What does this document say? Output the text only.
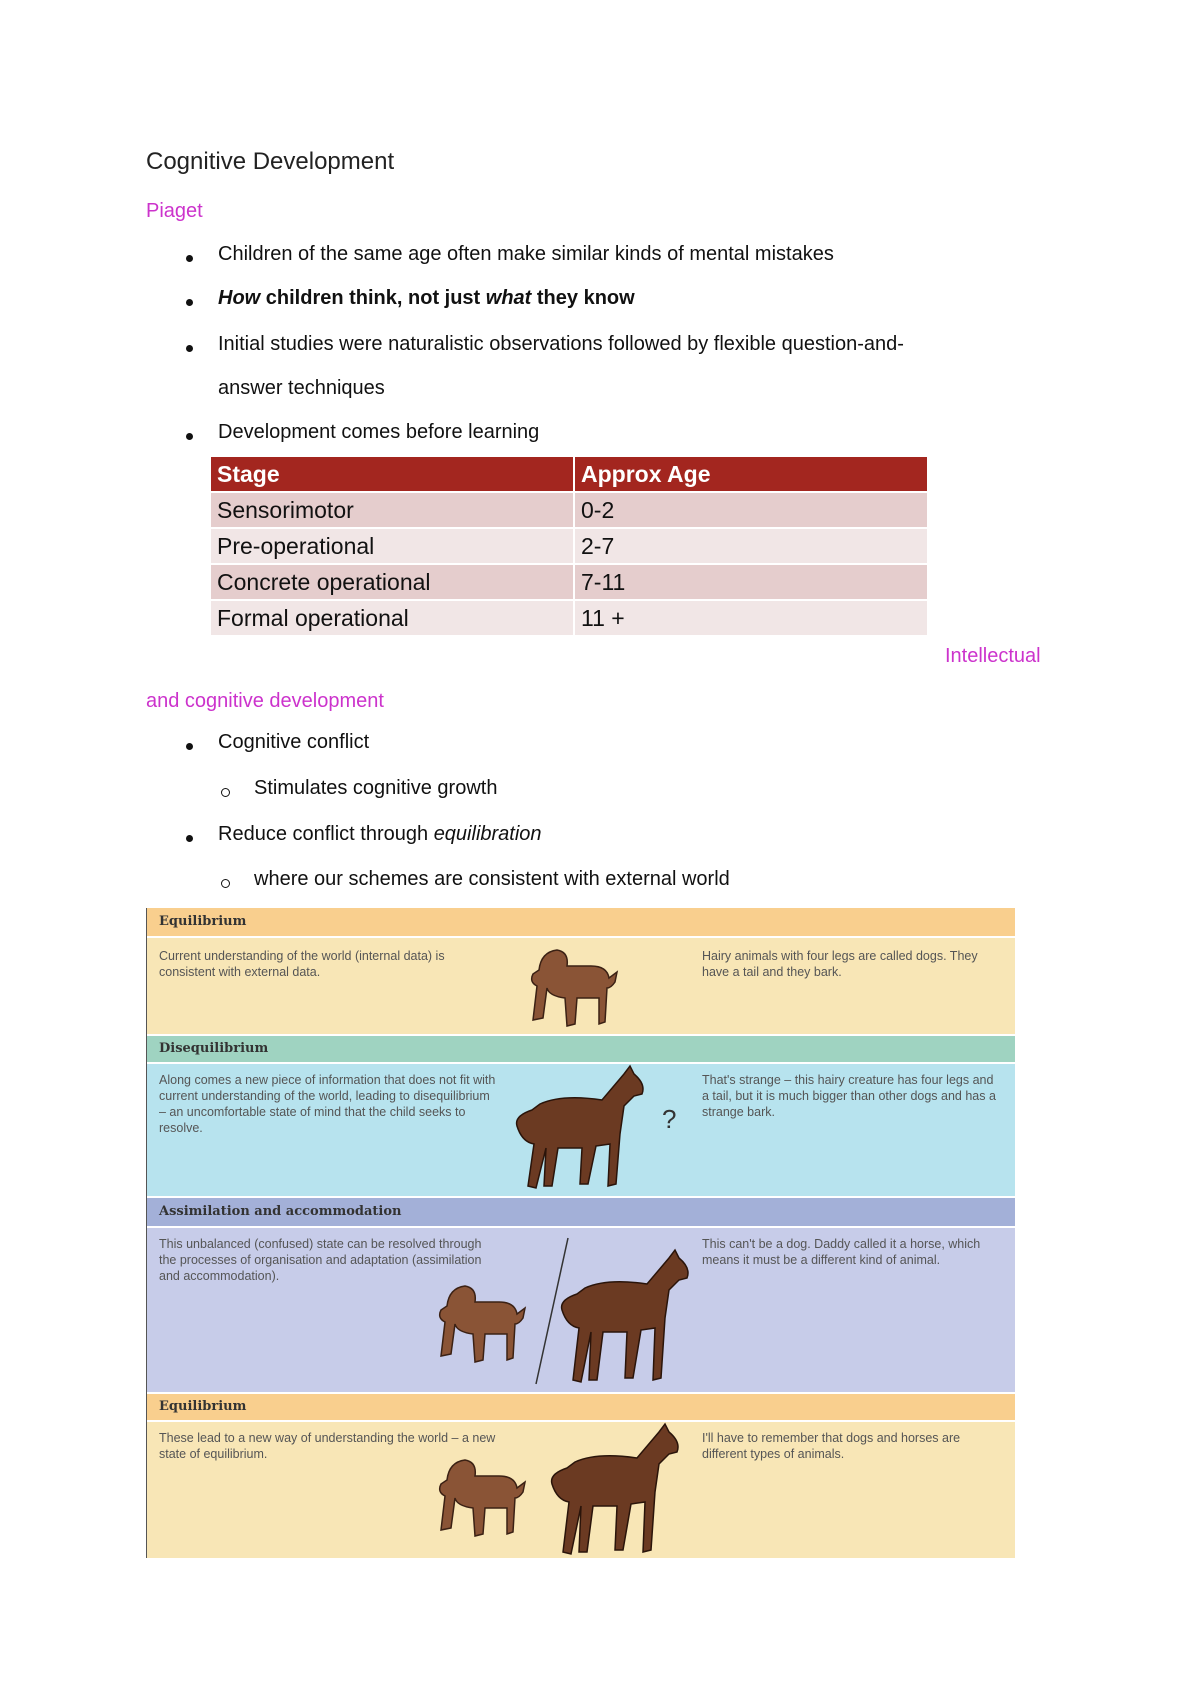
Cognitive Development
Piaget
Children of the same age often make similar kinds of mental mistakes
How children think, not just what they know
Initial studies were naturalistic observations followed by flexible question-and-
answer techniques
Development comes before learning
Stage	Approx Age
Sensorimotor	0-2
Pre-operational	2-7
Concrete operational	7-11
Formal operational	11 +
Intellectual
and cognitive development
Cognitive conflict
Stimulates cognitive growth
Reduce conflict through equilibration
where our schemes are consistent with external world
Equilibrium
Current understanding of the world (internal data) is consistent with external data.
Hairy animals with four legs are called dogs. They have a tail and they bark.
Disequilibrium
Along comes a new piece of information that does not fit with current understanding of the world, leading to disequilibrium – an uncomfortable state of mind that the child seeks to resolve.
That's strange – this hairy creature has four legs and a tail, but it is much bigger than other dogs and has a strange bark.
?
Assimilation and accommodation
This unbalanced (confused) state can be resolved through the processes of organisation and adaptation (assimilation and accommodation).
This can't be a dog. Daddy called it a horse, which means it must be a different kind of animal.
Equilibrium
These lead to a new way of understanding the world – a new state of equilibrium.
I'll have to remember that dogs and horses are different types of animals.
